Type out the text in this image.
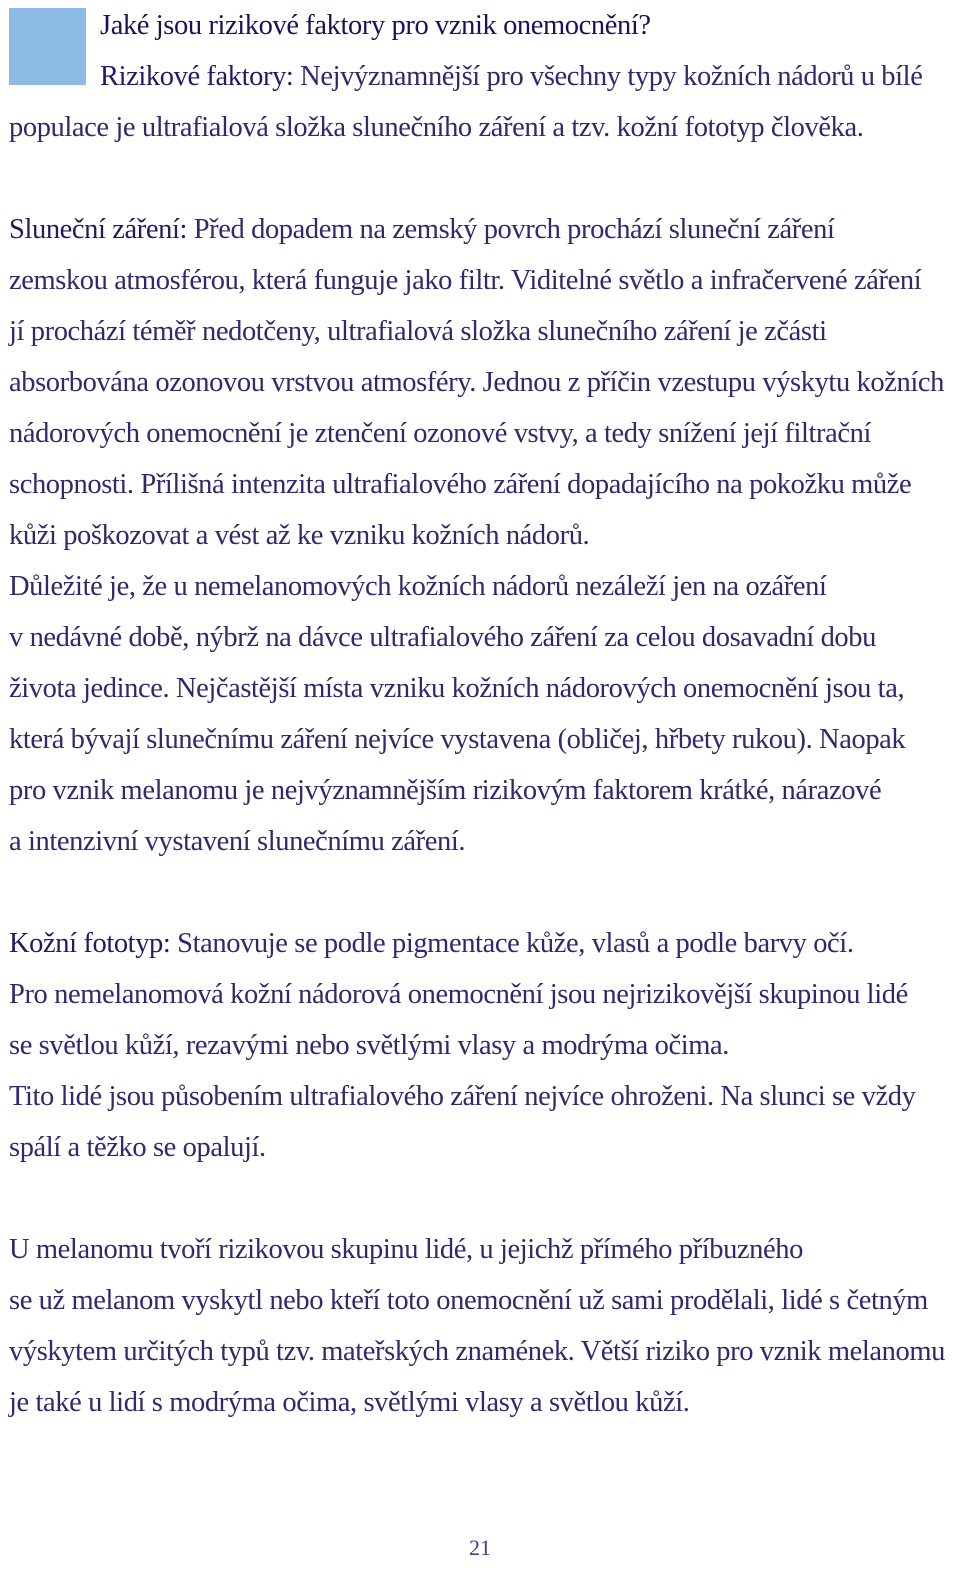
Jaké jsou rizikové faktory pro vznik onemocnění?

Rizikové faktory: Nejvýznamnější pro všechny typy kožních nádorů u bílé
populace je ultrafialová složka slunečního záření a tzv. kožní fototyp člověka.

Sluneční záření: Před dopadem na zemský povrch prochází sluneční záření
zemskou atmosférou, která funguje jako filtr. Viditelné světlo a infračervené záření
jí prochází téměř nedotčeny, ultrafialová složka slunečního záření je zčásti
absorbována ozonovou vrstvou atmosféry. Jednou z příčin vzestupu výskytu kožních
nádorových onemocnění je ztenčení ozonové vstvy, a tedy snížení její filtrační
schopnosti. Přílišná intenzita ultrafialového záření dopadajícího na pokožku může
kůži poškozovat a vést až ke vzniku kožních nádorů.
Důležité je, že u nemelanomových kožních nádorů nezáleží jen na ozáření
v nedávné době, nýbrž na dávce ultrafialového záření za celou dosavadní dobu
života jedince. Nejčastější místa vzniku kožních nádorových onemocnění jsou ta,
která bývají slunečnímu záření nejvíce vystavena (obličej, hřbety rukou). Naopak
pro vznik melanomu je nejvýznamnějším rizikovým faktorem krátké, nárazové
a intenzivní vystavení slunečnímu záření.

Kožní fototyp: Stanovuje se podle pigmentace kůže, vlasů a podle barvy očí.
Pro nemelanomová kožní nádorová onemocnění jsou nejrizikovější skupinou lidé
se světlou kůží, rezavými nebo světlými vlasy a modrýma očima.
Tito lidé jsou působením ultrafialového záření nejvíce ohroženi. Na slunci se vždy
spálí a těžko se opalují.

U melanomu tvoří rizikovou skupinu lidé, u jejichž přímého příbuzného
se už melanom vyskytl nebo kteří toto onemocnění už sami prodělali, lidé s četným
výskytem určitých typů tzv. mateřských znamének. Větší riziko pro vznik melanomu
je také u lidí s modrýma očima, světlými vlasy a světlou kůží.

21
